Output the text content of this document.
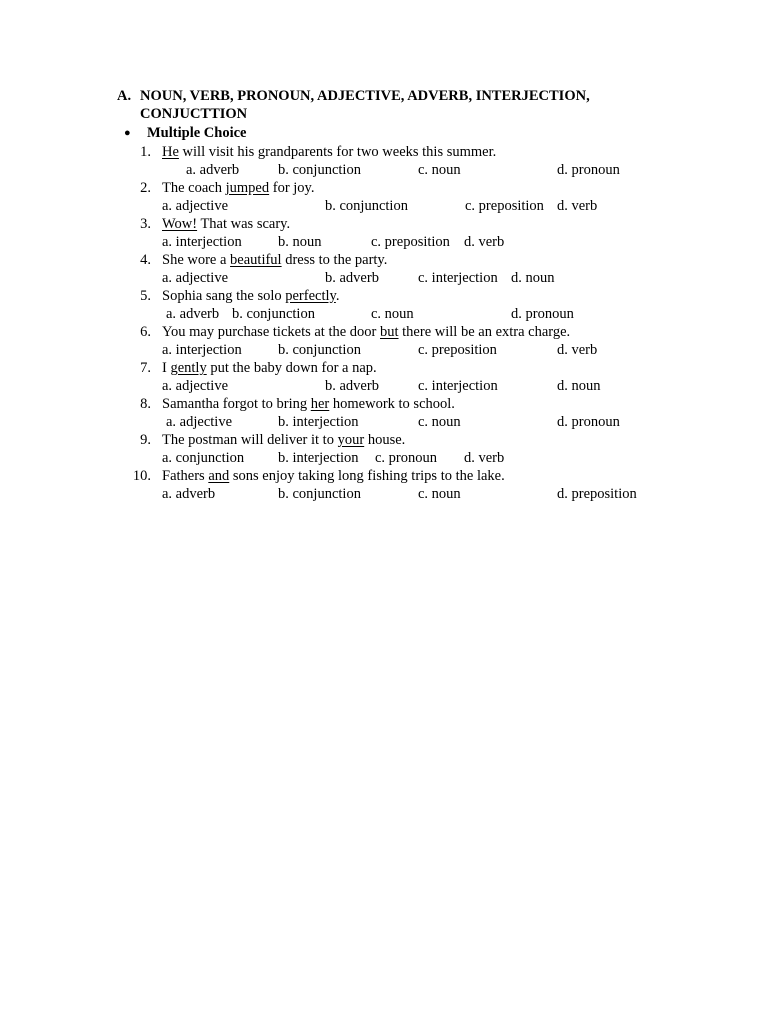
A. NOUN, VERB, PRONOUN, ADJECTIVE, ADVERB, INTERJECTION,
CONJUCTTION
● Multiple Choice
1. He will visit his grandparents for two weeks this summer.
a. adverb	b. conjunction	c. noun	d. pronoun
2. The coach jumped for joy.
a. adjective	b. conjunction	c. preposition d. verb
3. Wow! That was scary.
a. interjection	b. noun	c. preposition d. verb
4. She wore a beautiful dress to the party.
a. adjective	b. adverb	c. interjection d. noun
5. Sophia sang the solo perfectly.
a. adverb b. conjunction	c. noun	d. pronoun
6. You may purchase tickets at the door but there will be an extra charge.
a. interjection	b. conjunction	c. preposition	d. verb
7. I gently put the baby down for a nap.
a. adjective	b. adverb	c. interjection	d. noun
8. Samantha forgot to bring her homework to school.
a. adjective	b. interjection	c. noun	d. pronoun
9. The postman will deliver it to your house.
a. conjunction b. interjection c. pronoun d. verb
10. Fathers and sons enjoy taking long fishing trips to the lake.
a. adverb	b. conjunction	c. noun	d. preposition
